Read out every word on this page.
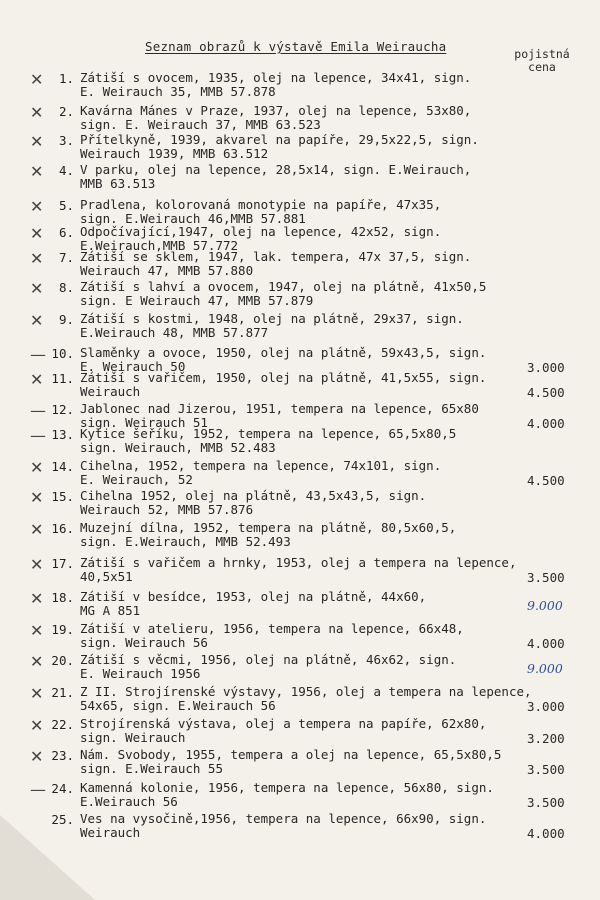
Seznam obrazů k výstavě Emila Weirauchа	pojistná
cena
✕	1. Zátiší s ovocem, 1935, olej na lepence, 34x41, sign.
E. Weirauch 35, MMB 57.878
✕	2. Kavárna Mánes v Praze, 1937, olej na lepence, 53x80,
sign. E. Weirauch 37, MMB 63.523
✕	3. Přítelkyně, 1939, akvarel na papíře, 29,5x22,5, sign.
Weirauch 1939, MMB 63.512
✕	4. V parku, olej na lepence, 28,5x14, sign. E.Weirauch,
MMB 63.513
✕	5. Pradlena, kolorovaná monotypie na papíře, 47x35,
sign. E.Weirauch 46,MMB 57.881
✕	6. Odpočívající,1947, olej na lepence, 42x52, sign.
E.Weirauch,MMB 57.772
✕	7. Zátiší se sklem, 1947, lak. tempera, 47x 37,5, sign.
Weirauch 47, MMB 57.880
✕	8. Zátiší s lahví a ovocem, 1947, olej na plátně, 41x50,5
sign. E Weirauch 47, MMB 57.879
✕	9. Zátiší s kostmi, 1948, olej na plátně, 29x37, sign.
E.Weirauch 48, MMB 57.877
— 10. Slaměnky a ovoce, 1950, olej na plátně, 59x43,5, sign.
E. Weirauch 50	3.000
✕ 11. Zátiší s vařičem, 1950, olej na plátně, 41,5x55, sign.
Weirauch	4.500
— 12. Jablonec nad Jizerou, 1951, tempera na lepence, 65x80
sign. Weirauch 51	4.000
— 13. Kytice šeříku, 1952, tempera na lepence, 65,5x80,5
sign. Weirauch, MMB 52.483
✕ 14. Cihelna, 1952, tempera na lepence, 74x101, sign.
E. Weirauch, 52	4.500
✕ 15. Cihelna 1952, olej na plátně, 43,5x43,5, sign.
Weirauch 52, MMB 57.876
✕ 16. Muzejní dílna, 1952, tempera na plátně, 80,5x60,5,
sign. E.Weirauch, MMB 52.493
✕ 17. Zátiší s vařičem a hrnky, 1953, olej a tempera na lepence,
40,5x51	3.500
✕ 18. Zátiší v besídce, 1953, olej na plátně, 44x60,
MG A 851	9.000
✕ 19. Zátiší v atelieru, 1956, tempera na lepence, 66x48,
sign. Weirauch 56	4.000
✕ 20. Zátiší s věcmi, 1956, olej na plátně, 46x62, sign.
E. Weirauch 1956	9.000
✕ 21. Z II. Strojírenské výstavy, 1956, olej a tempera na lepence,
54x65, sign. E.Weirauch 56	3.000
✕ 22. Strojírenská výstava, olej a tempera na papíře, 62x80,
sign. Weirauch	3.200
✕ 23. Nám. Svobody, 1955, tempera a olej na lepence, 65,5x80,5
sign. E.Weirauch 55	3.500
— 24. Kamenná kolonie, 1956, tempera na lepence, 56x80, sign.
E.Weirauch 56	3.500
25. Ves na vysočině,1956, tempera na lepence, 66x90, sign.
Weirauch	4.000
